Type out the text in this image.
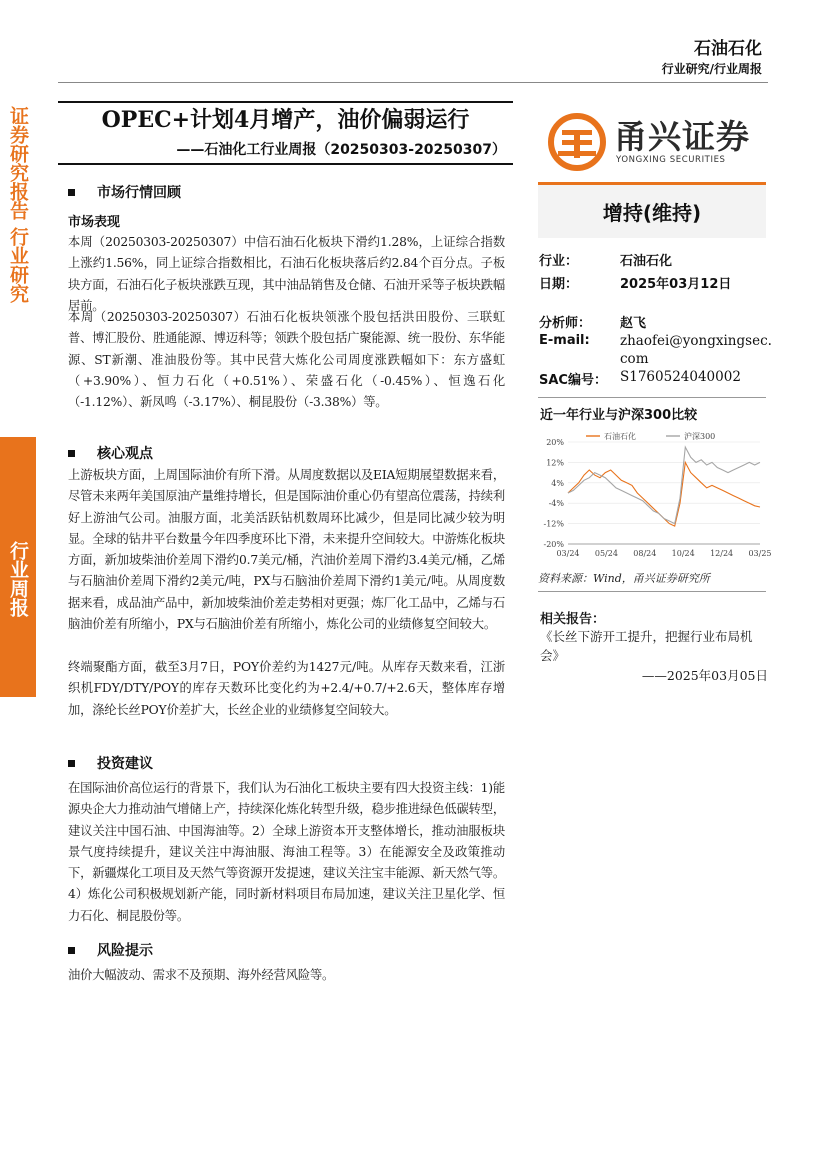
证券研究报告 行业研究
行业周报
石油石化
行业研究/行业周报
OPEC+计划4月增产，油价偏弱运行
——石油化工行业周报（20250303-20250307）	甬兴证券
YONGXING SECURITIES
增持(维持)
行业：	石油石化
日期：	2025年03月12日
分析师： 赵飞
E-mail: zhaofei@yongxingsec.
com
SAC编号： S1760524040002
近一年行业与沪深300比较
20%
12%
4%
-4%
-12%
-20%
03/24 05/24 08/24 10/24 12/24 03/25
石油石化	沪深300
资料来源：Wind，甬兴证券研究所
相关报告：
《长丝下游开工提升，把握行业布局机会》
——2025年03月05日
市场行情回顾
市场表现
本周（20250303-20250307）中信石油石化板块下滑约1.28%，上证综合指数上涨约1.56%，同上证综合指数相比，石油石化板块落后约2.84个百分点。子板块方面，石油石化子板块涨跌互现，其中油品销售及仓储、石油开采等子板块跌幅居前。
本周（20250303-20250307）石油石化板块领涨个股包括洪田股份、三联虹普、博汇股份、胜通能源、博迈科等；领跌个股包括广聚能源、统一股份、东华能源、ST新潮、准油股份等。其中民营大炼化公司周度涨跌幅如下：东方盛虹（+3.90%）、恒力石化（+0.51%）、荣盛石化（-0.45%）、恒逸石化（-1.12%）、新凤鸣（-3.17%）、桐昆股份（-3.38%）等。
核心观点
上游板块方面，上周国际油价有所下滑。从周度数据以及EIA短期展望数据来看，尽管未来两年美国原油产量维持增长，但是国际油价重心仍有望高位震荡，持续利好上游油气公司。油服方面，北美活跃钻机数周环比减少，但是同比减少较为明显。全球的钻井平台数量今年四季度环比下滑，未来提升空间较大。中游炼化板块方面，新加坡柴油价差周下滑约0.7美元/桶，汽油价差周下滑约3.4美元/桶，乙烯与石脑油价差周下滑约2美元/吨，PX与石脑油价差周下滑约1美元/吨。从周度数据来看，成品油产品中，新加坡柴油价差走势相对更强；炼厂化工品中，乙烯与石脑油价差有所缩小，PX与石脑油价差有所缩小，炼化公司的业绩修复空间较大。
终端聚酯方面，截至3月7日，POY价差约为1427元/吨。从库存天数来看，江浙织机FDY/DTY/POY的库存天数环比变化约为+2.4/+0.7/+2.6天，整体库存增加，涤纶长丝POY价差扩大，长丝企业的业绩修复空间较大。
投资建议
在国际油价高位运行的背景下，我们认为石油化工板块主要有四大投资主线：1)能源央企大力推动油气增储上产，持续深化炼化转型升级，稳步推进绿色低碳转型，建议关注中国石油、中国海油等。2）全球上游资本开支整体增长，推动油服板块景气度持续提升，建议关注中海油服、海油工程等。3）在能源安全及政策推动下，新疆煤化工项目及天然气等资源开发提速，建议关注宝丰能源、新天然气等。4）炼化公司积极规划新产能，同时新材料项目布局加速，建议关注卫星化学、恒力石化、桐昆股份等。
风险提示
油价大幅波动、需求不及预期、海外经营风险等。
